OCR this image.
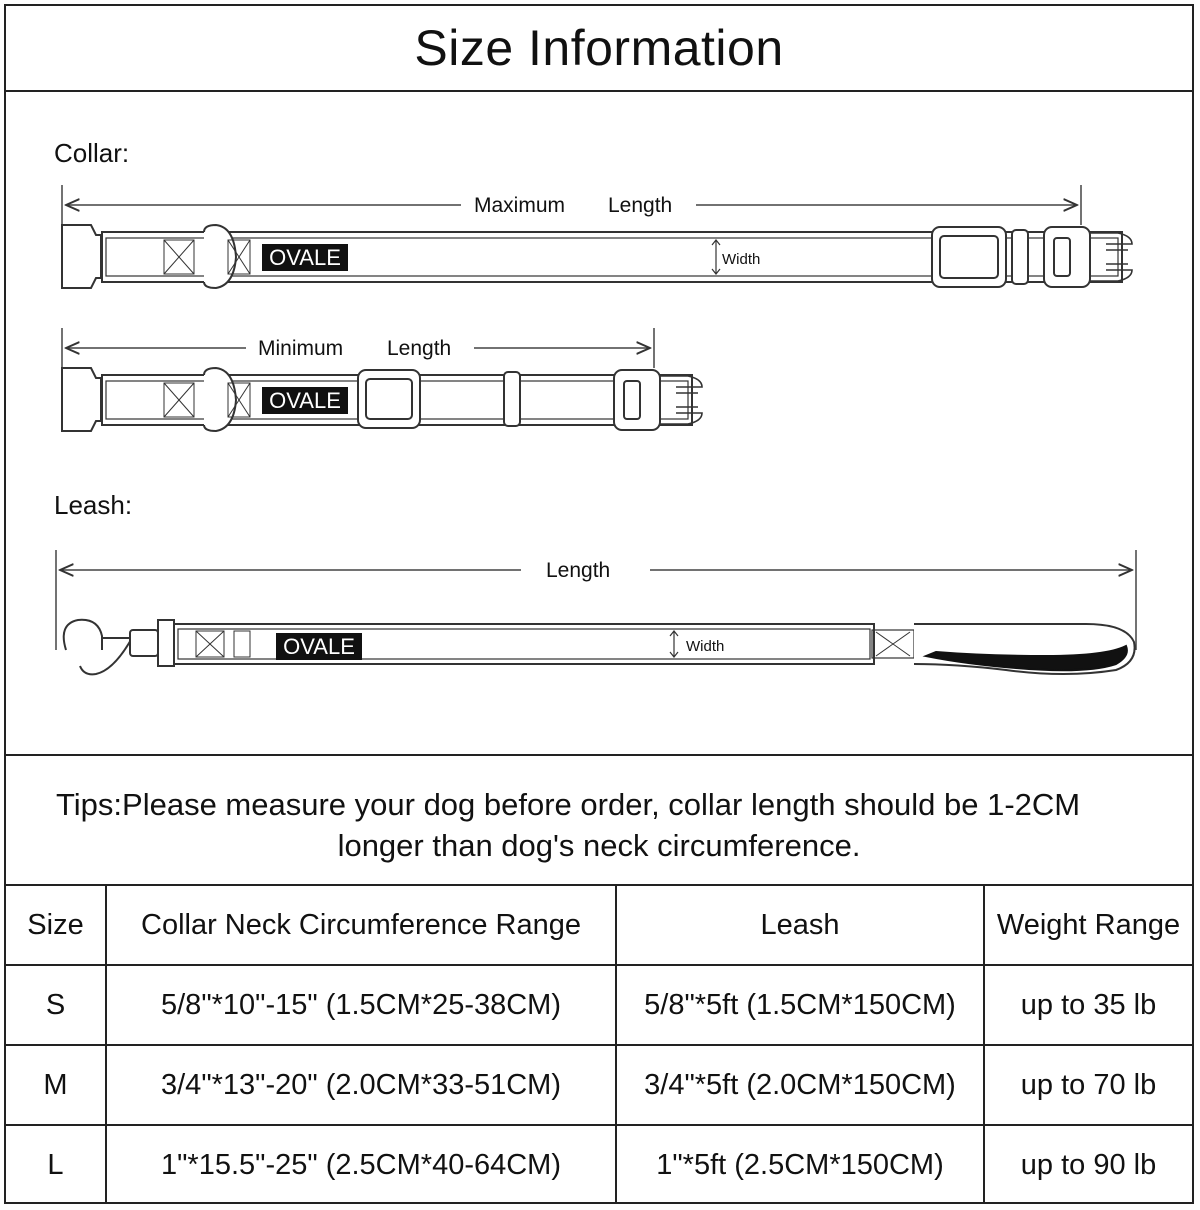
Size Information
Collar:
Maximum Length
OVALE	Width
Minimum Length
OVALE
Leash:
Length
OVALE	Width
Tips:Please measure your dog before order, collar length should be 1-2CM
longer than dog's neck circumference.
Size	Collar Neck Circumference Range	Leash	Weight Range
S	5/8"*10"-15" (1.5CM*25-38CM)	5/8"*5ft (1.5CM*150CM)	up to 35 lb
M	3/4"*13"-20" (2.0CM*33-51CM)	3/4"*5ft (2.0CM*150CM)	up to 70 lb
L	1"*15.5"-25" (2.5CM*40-64CM)	1"*5ft (2.5CM*150CM)	up to 90 lb
